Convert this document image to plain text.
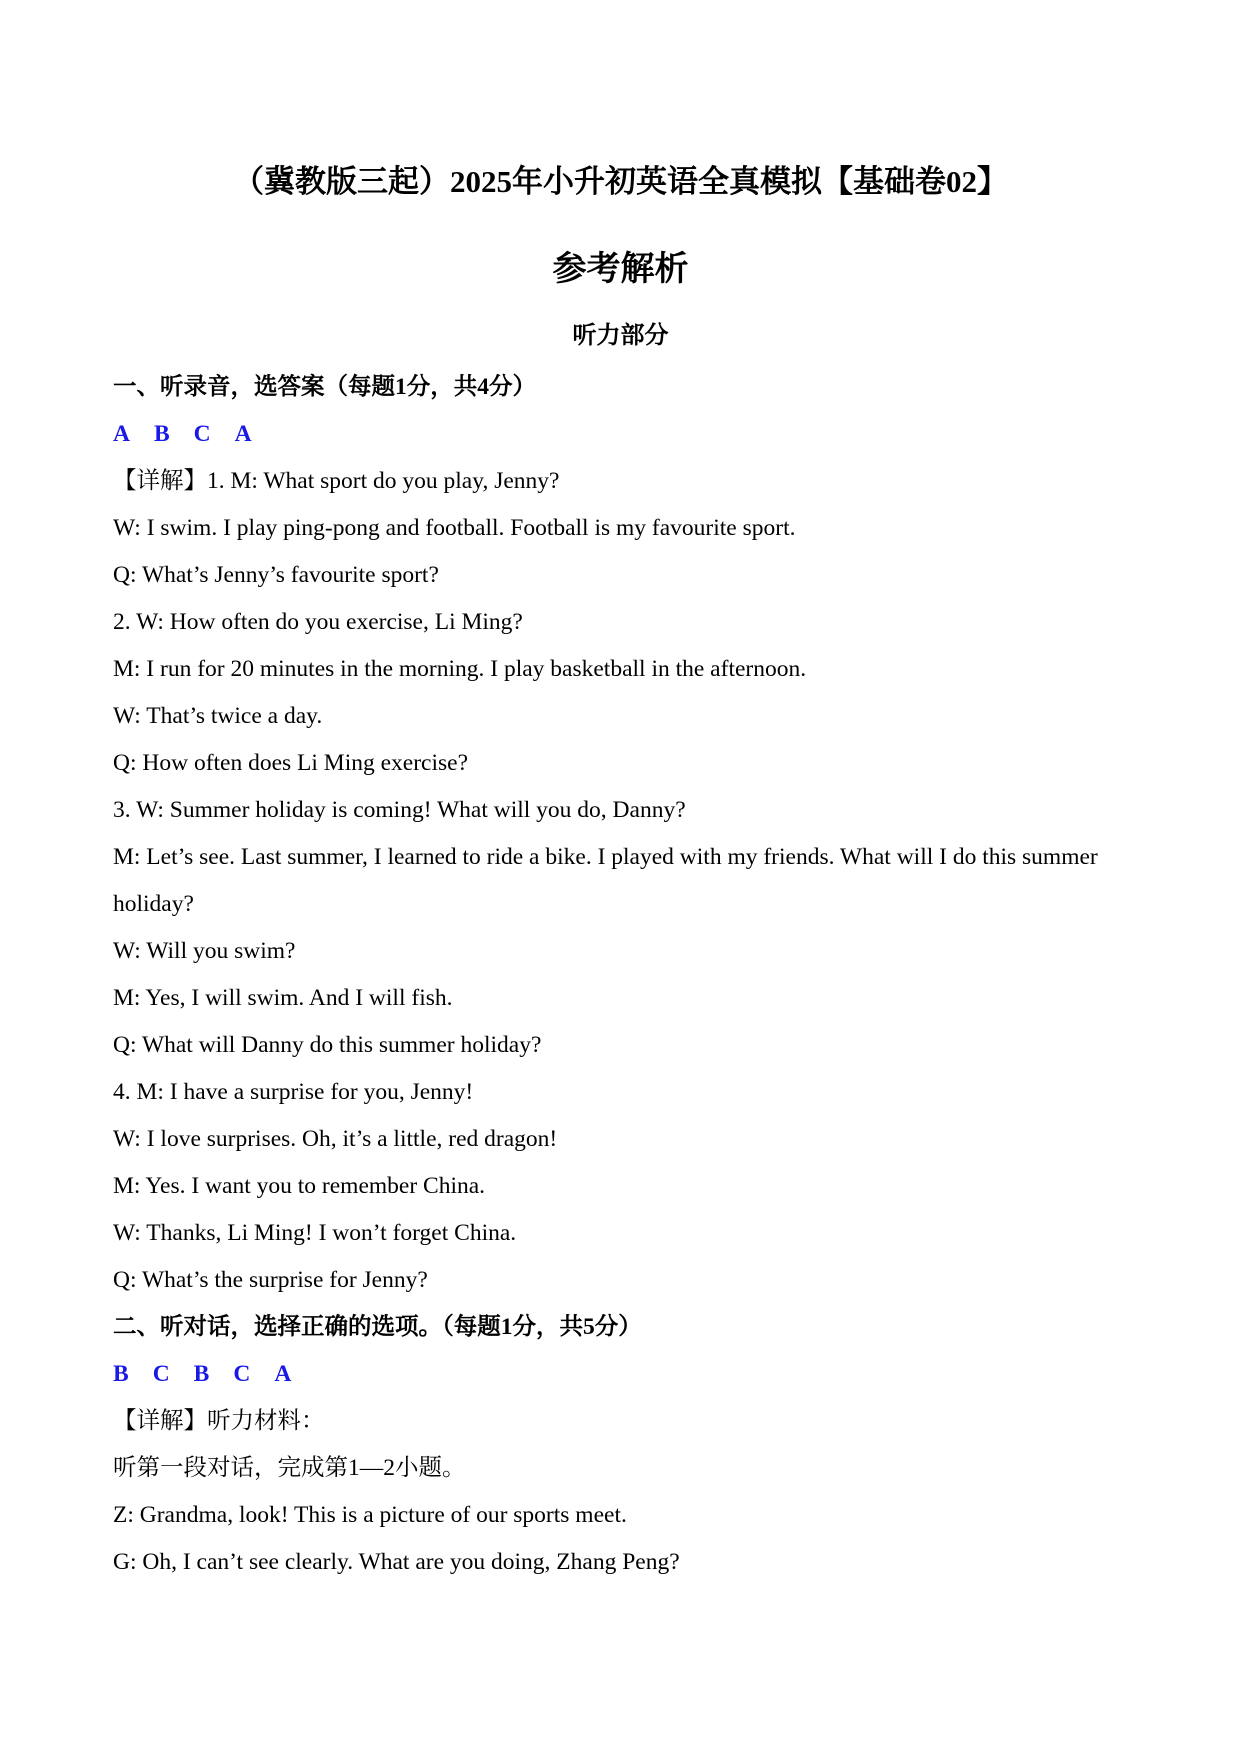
（冀教版三起）2025年小升初英语全真模拟【基础卷02】
参考解析
听力部分
一、听录音，选答案（每题1分，共4分）
A B C A
【详解】1. M: What sport do you play, Jenny?
W: I swim. I play ping-pong and football. Football is my favourite sport.
Q: What’s Jenny’s favourite sport?
2. W: How often do you exercise, Li Ming?
M: I run for 20 minutes in the morning. I play basketball in the afternoon.
W: That’s twice a day.
Q: How often does Li Ming exercise?
3. W: Summer holiday is coming! What will you do, Danny?
M: Let’s see. Last summer, I learned to ride a bike. I played with my friends. What will I do this summer holiday?
W: Will you swim?
M: Yes, I will swim. And I will fish.
Q: What will Danny do this summer holiday?
4. M: I have a surprise for you, Jenny!
W: I love surprises. Oh, it’s a little, red dragon!
M: Yes. I want you to remember China.
W: Thanks, Li Ming! I won’t forget China.
Q: What’s the surprise for Jenny?
二、听对话，选择正确的选项。（每题1分，共5分）
B C B C A
【详解】听力材料：
听第一段对话，完成第1—2小题。
Z: Grandma, look! This is a picture of our sports meet.
G: Oh, I can’t see clearly. What are you doing, Zhang Peng?
